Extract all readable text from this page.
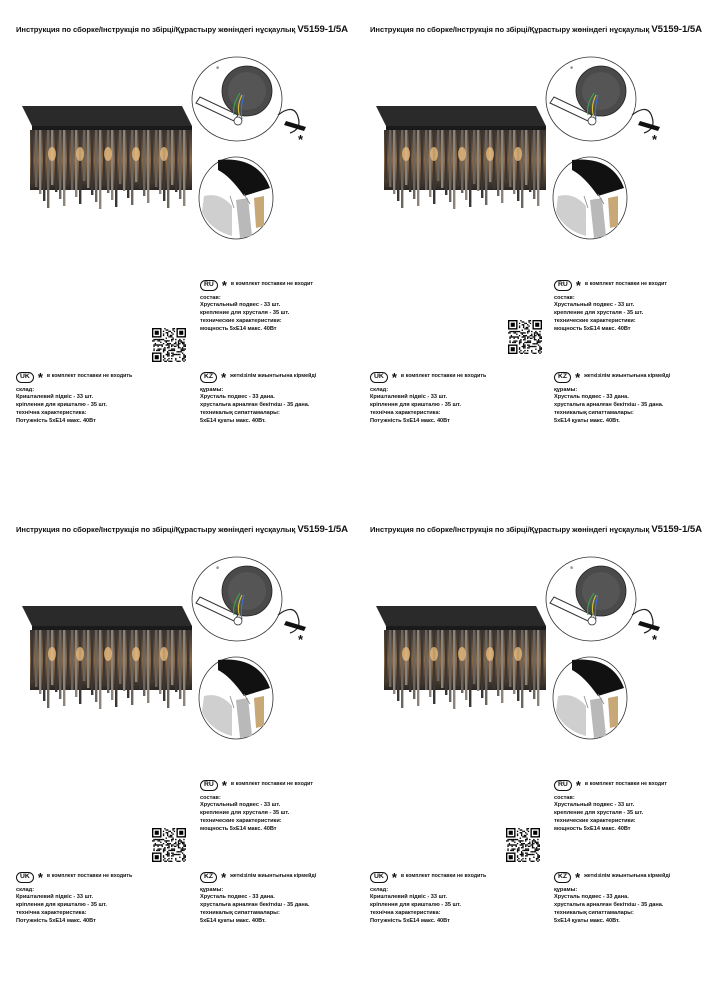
Инструкция по сборке/Інструкція по збірці/Құрастыру жөніндегі нұсқаулық V5159-1/5A
⊕
*
RU * в комплект поставки не входит
состав:
Хрустальный подвес - 33 шт.
крепление для хрусталя - 35 шт.
технические характеристики:
мощность 5xE14 макс. 40Вт
UK * в комплект поставки не входить
склад:
Кришталевий підвіс - 33 шт.
кріплення для кришталю - 35 шт.
технічна характеристика:
Потужність 5xE14 макс. 40Вт
KZ * жеткізілім жиынтығына кірмейді
құрамы:
Хрусталь подвес - 33 дана.
хрустальға арналған бекіткіш - 35 дана.
техникалық сипаттамалары:
5xE14 қуаты макс. 40Вт.
Инструкция по сборке/Інструкція по збірці/Құрастыру жөніндегі нұсқаулық V5159-1/5A
⊕
*
RU * в комплект поставки не входит
состав:
Хрустальный подвес - 33 шт.
крепление для хрусталя - 35 шт.
технические характеристики:
мощность 5xE14 макс. 40Вт
UK * в комплект поставки не входить
склад:
Кришталевий підвіс - 33 шт.
кріплення для кришталю - 35 шт.
технічна характеристика:
Потужність 5xE14 макс. 40Вт
KZ * жеткізілім жиынтығына кірмейді
құрамы:
Хрусталь подвес - 33 дана.
хрустальға арналған бекіткіш - 35 дана.
техникалық сипаттамалары:
5xE14 қуаты макс. 40Вт.
Инструкция по сборке/Інструкція по збірці/Құрастыру жөніндегі нұсқаулық V5159-1/5A
⊕
*
RU * в комплект поставки не входит
состав:
Хрустальный подвес - 33 шт.
крепление для хрусталя - 35 шт.
технические характеристики:
мощность 5xE14 макс. 40Вт
UK * в комплект поставки не входить
склад:
Кришталевий підвіс - 33 шт.
кріплення для кришталю - 35 шт.
технічна характеристика:
Потужність 5xE14 макс. 40Вт
KZ * жеткізілім жиынтығына кірмейді
құрамы:
Хрусталь подвес - 33 дана.
хрустальға арналған бекіткіш - 35 дана.
техникалық сипаттамалары:
5xE14 қуаты макс. 40Вт.
Инструкция по сборке/Інструкція по збірці/Құрастыру жөніндегі нұсқаулық V5159-1/5A
⊕
*
RU * в комплект поставки не входит
состав:
Хрустальный подвес - 33 шт.
крепление для хрусталя - 35 шт.
технические характеристики:
мощность 5xE14 макс. 40Вт
UK * в комплект поставки не входить
склад:
Кришталевий підвіс - 33 шт.
кріплення для кришталю - 35 шт.
технічна характеристика:
Потужність 5xE14 макс. 40Вт
KZ * жеткізілім жиынтығына кірмейді
құрамы:
Хрусталь подвес - 33 дана.
хрустальға арналған бекіткіш - 35 дана.
техникалық сипаттамалары:
5xE14 қуаты макс. 40Вт.
